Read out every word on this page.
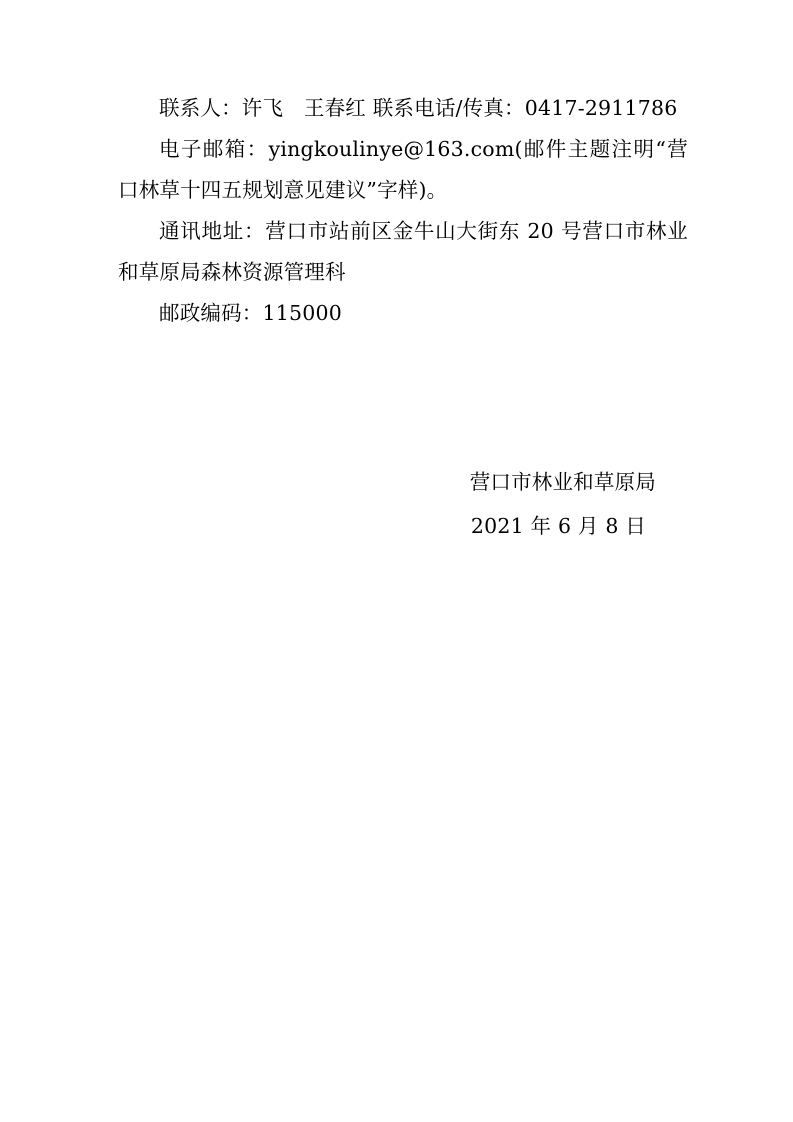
联系人：许飞　王春红 联系电话/传真：0417-2911786

电子邮箱：yingkoulinye@163.com(邮件主题注明“营口林草十四五规划意见建议”字样)。

通讯地址：营口市站前区金牛山大街东 20 号营口市林业和草原局森林资源管理科

邮政编码：115000

营口市林业和草原局

2021 年 6 月 8 日
